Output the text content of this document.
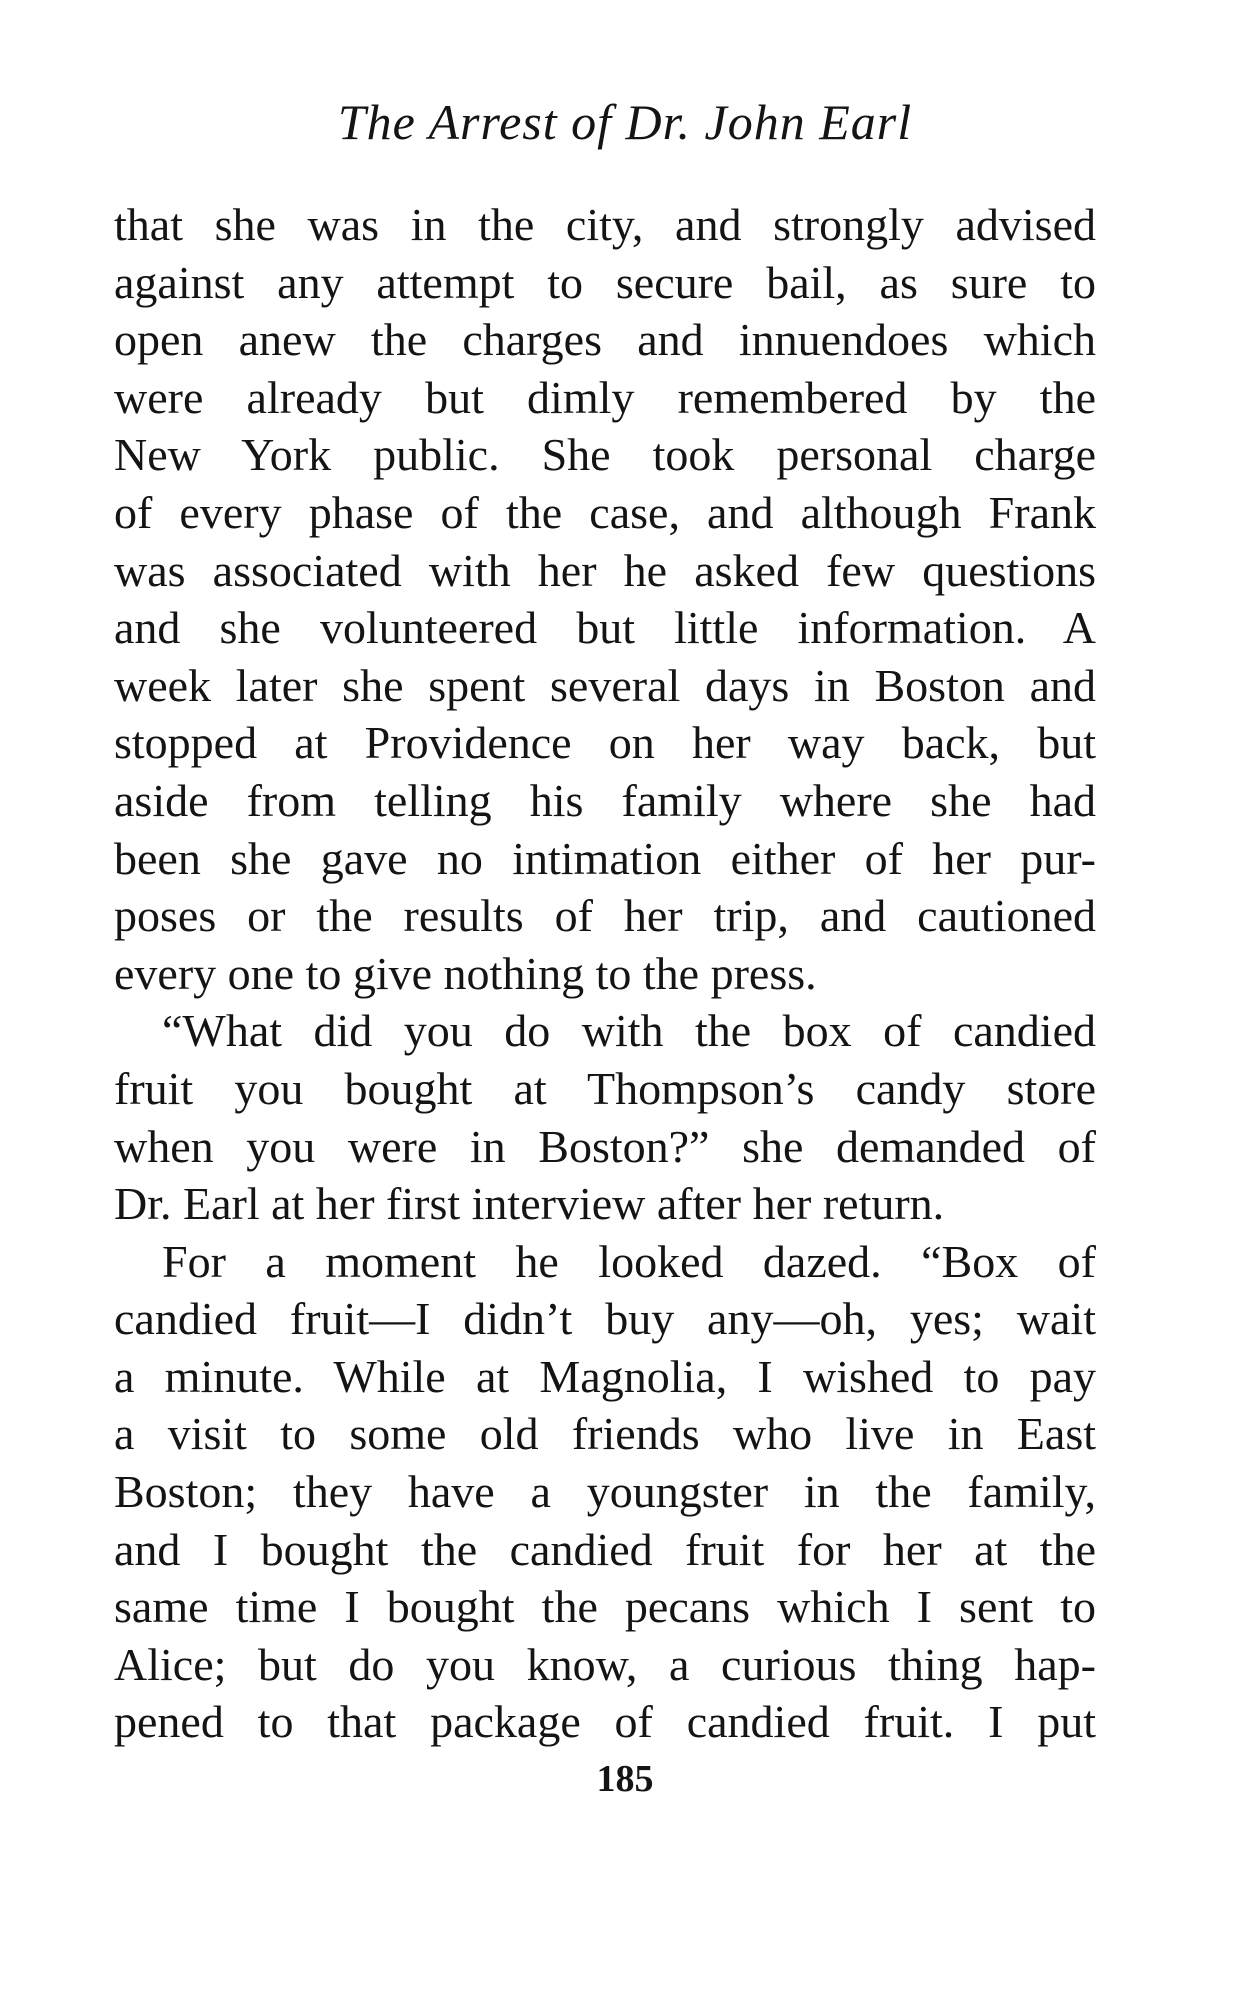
The Arrest of Dr. John Earl
that she was in the city, and strongly advised
against any attempt to secure bail, as sure to
open anew the charges and innuendoes which
were already but dimly remembered by the
New York public. She took personal charge
of every phase of the case, and although Frank
was associated with her he asked few questions
and she volunteered but little information. A
week later she spent several days in Boston and
stopped at Providence on her way back, but
aside from telling his family where she had
been she gave no intimation either of her pur-
poses or the results of her trip, and cautioned
every one to give nothing to the press.
“What did you do with the box of candied
fruit you bought at Thompson’s candy store
when you were in Boston?” she demanded of
Dr. Earl at her first interview after her return.
For a moment he looked dazed. “Box of
candied fruit—I didn’t buy any—oh, yes; wait
a minute. While at Magnolia, I wished to pay
a visit to some old friends who live in East
Boston; they have a youngster in the family,
and I bought the candied fruit for her at the
same time I bought the pecans which I sent to
Alice; but do you know, a curious thing hap-
pened to that package of candied fruit. I put
185
